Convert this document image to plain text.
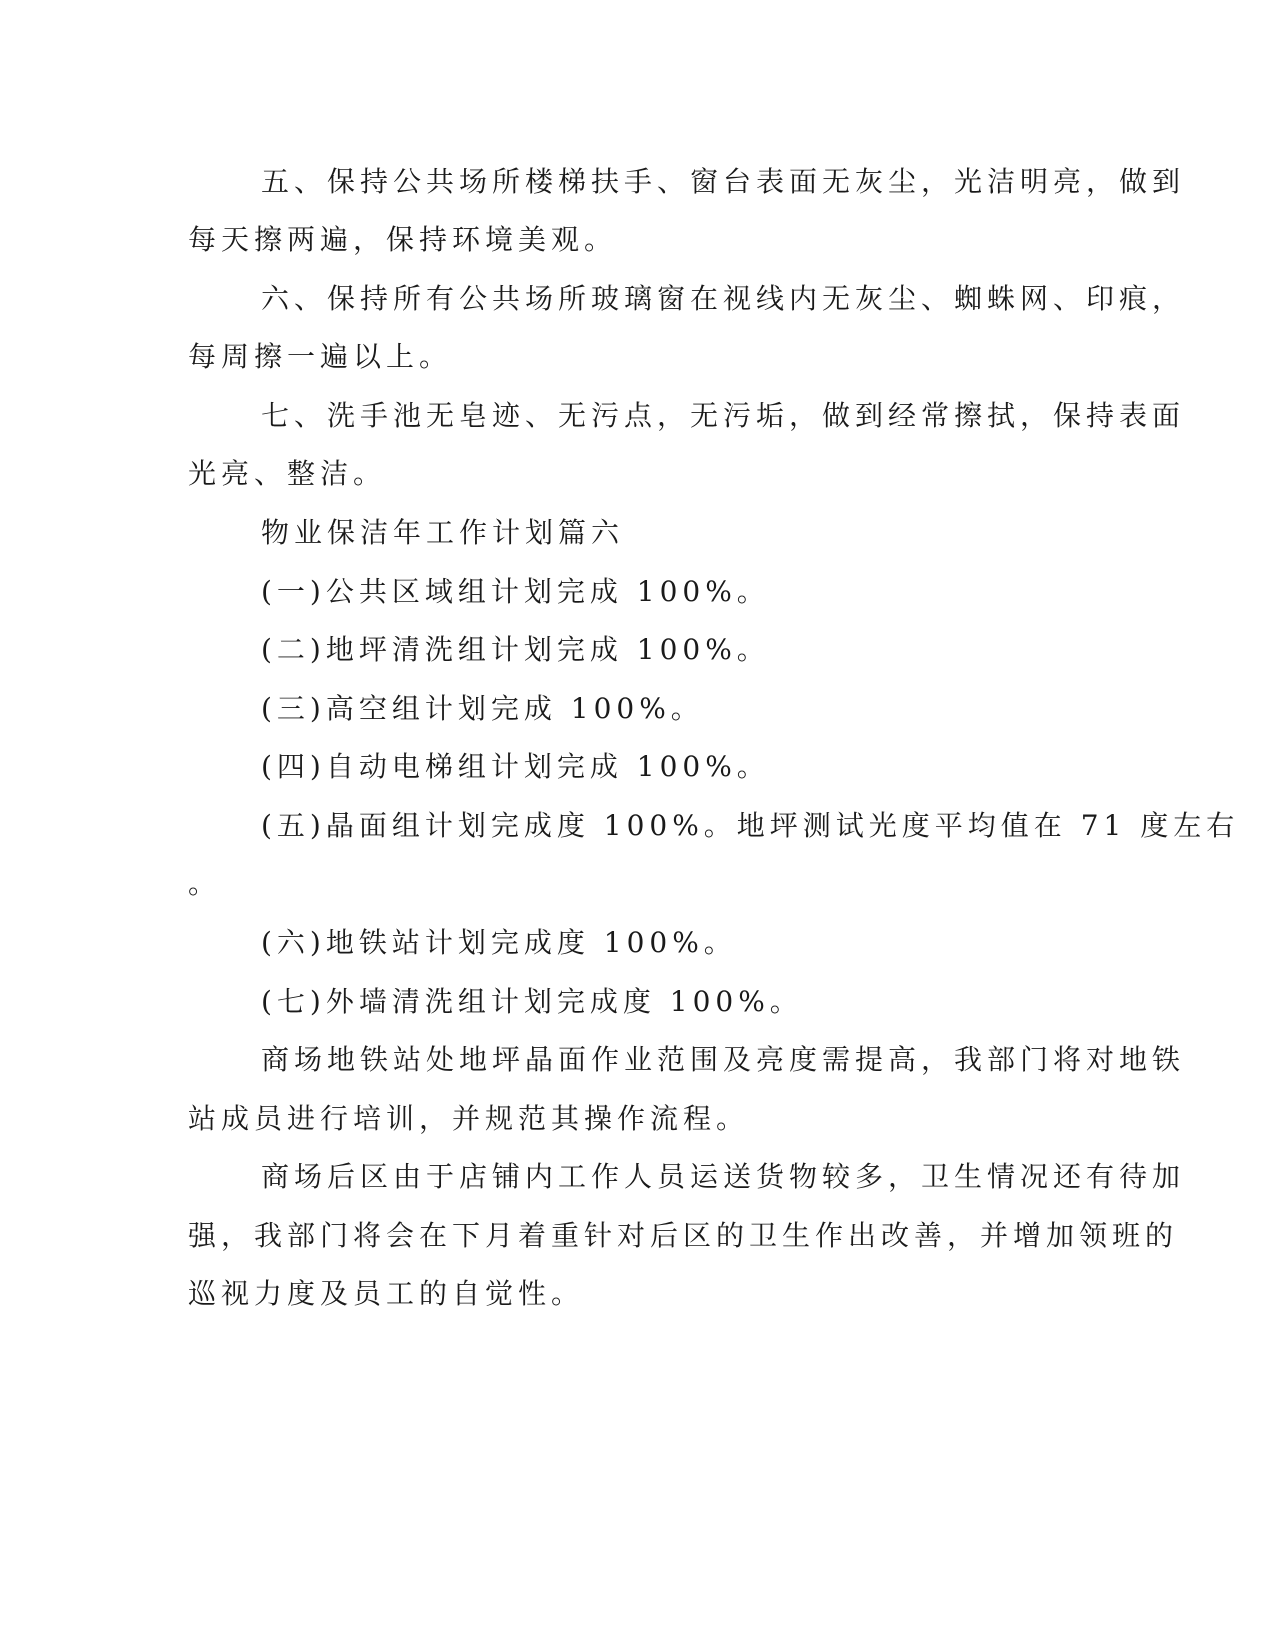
五、保持公共场所楼梯扶手、窗台表面无灰尘，光洁明亮，做到

每天擦两遍，保持环境美观。

六、保持所有公共场所玻璃窗在视线内无灰尘、蜘蛛网、印痕，

每周擦一遍以上。

七、洗手池无皂迹、无污点，无污垢，做到经常擦拭，保持表面

光亮、整洁。

物业保洁年工作计划篇六

(一)公共区域组计划完成 100%。

(二)地坪清洗组计划完成 100%。

(三)高空组计划完成 100%。

(四)自动电梯组计划完成 100%。

(五)晶面组计划完成度 100%。地坪测试光度平均值在 71 度左右

。

(六)地铁站计划完成度 100%。

(七)外墙清洗组计划完成度 100%。

商场地铁站处地坪晶面作业范围及亮度需提高，我部门将对地铁

站成员进行培训，并规范其操作流程。

商场后区由于店铺内工作人员运送货物较多，卫生情况还有待加

强，我部门将会在下月着重针对后区的卫生作出改善，并增加领班的

巡视力度及员工的自觉性。
